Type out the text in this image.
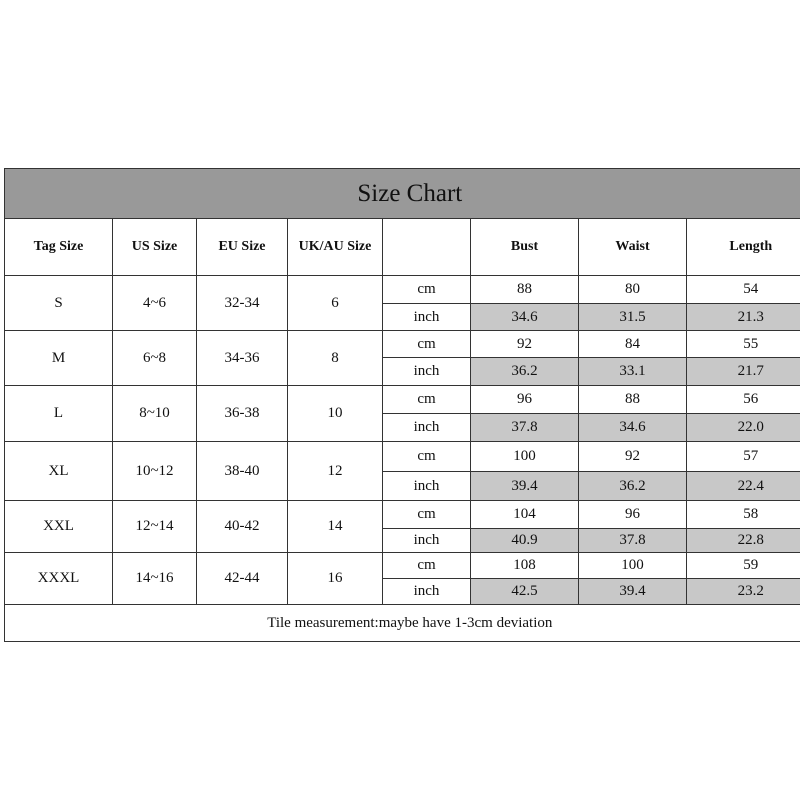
Size Chart							
Tag Size	US Size	EU Size	UK/AU Size		Bust	Waist	Length
S	4~6	32-34	6	cm	88	80	54
				inch	34.6	31.5	21.3
M	6~8	34-36	8	cm	92	84	55
				inch	36.2	33.1	21.7
L	8~10	36-38	10	cm	96	88	56
				inch	37.8	34.6	22.0
XL	10~12	38-40	12	cm	100	92	57
				inch	39.4	36.2	22.4
XXL	12~14	40-42	14	cm	104	96	58
				inch	40.9	37.8	22.8
XXXL	14~16	42-44	16	cm	108	100	59
				inch	42.5	39.4	23.2
Tile measurement:maybe have 1-3cm deviation							
